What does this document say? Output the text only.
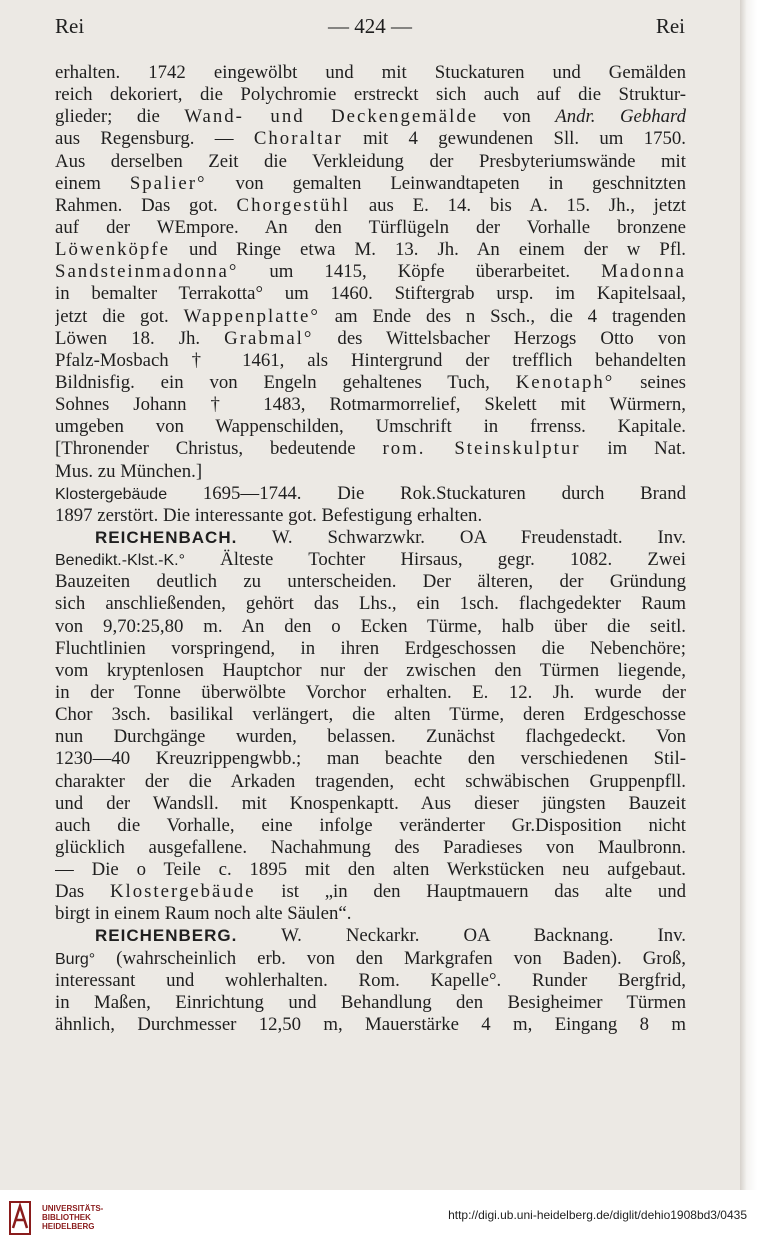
Rei	— 424 —	Rei
erhalten. 1742 eingewölbt und mit Stuckaturen und Gemälden
reich dekoriert, die Polychromie erstreckt sich auch auf die Struktur-
glieder; die Wand- und Deckengemälde von Andr. Gebhard
aus Regensburg. — Choraltar mit 4 gewundenen Sll. um 1750.
Aus derselben Zeit die Verkleidung der Presbyteriumswände mit
einem Spalier° von gemalten Leinwandtapeten in geschnitzten
Rahmen. Das got. Chorgestühl aus E. 14. bis A. 15. Jh., jetzt
auf der WEmpore. An den Türflügeln der Vorhalle bronzene
Löwenköpfe und Ringe etwa M. 13. Jh. An einem der w Pfl.
Sandsteinmadonna° um 1415, Köpfe überarbeitet. Madonna
in bemalter Terrakotta° um 1460. Stiftergrab ursp. im Kapitelsaal,
jetzt die got. Wappenplatte° am Ende des n Ssch., die 4 tragenden
Löwen 18. Jh. Grabmal° des Wittelsbacher Herzogs Otto von
Pfalz-Mosbach † 1461, als Hintergrund der trefflich behandelten
Bildnisfig. ein von Engeln gehaltenes Tuch, Kenotaph° seines
Sohnes Johann † 1483, Rotmarmorrelief, Skelett mit Würmern,
umgeben von Wappenschilden, Umschrift in frrenss. Kapitale.
[Thronender Christus, bedeutende rom. Steinskulptur im Nat.
Mus. zu München.]
Klostergebäude 1695—1744. Die Rok.Stuckaturen durch Brand
1897 zerstört. Die interessante got. Befestigung erhalten.
REICHENBACH. W. Schwarzwkr. OA Freudenstadt. Inv.
Benedikt.-Klst.-K.° Älteste Tochter Hirsaus, gegr. 1082. Zwei
Bauzeiten deutlich zu unterscheiden. Der älteren, der Gründung
sich anschließenden, gehört das Lhs., ein 1sch. flachgedekter Raum
von 9,70:25,80 m. An den o Ecken Türme, halb über die seitl.
Fluchtlinien vorspringend, in ihren Erdgeschossen die Nebenchöre;
vom kryptenlosen Hauptchor nur der zwischen den Türmen liegende,
in der Tonne überwölbte Vorchor erhalten. E. 12. Jh. wurde der
Chor 3sch. basilikal verlängert, die alten Türme, deren Erdgeschosse
nun Durchgänge wurden, belassen. Zunächst flachgedeckt. Von
1230—40 Kreuzrippengwbb.; man beachte den verschiedenen Stil-
charakter der die Arkaden tragenden, echt schwäbischen Gruppenpfll.
und der Wandsll. mit Knospenkaptt. Aus dieser jüngsten Bauzeit
auch die Vorhalle, eine infolge veränderter Gr.Disposition nicht
glücklich ausgefallene. Nachahmung des Paradieses von Maulbronn.
— Die o Teile c. 1895 mit den alten Werkstücken neu aufgebaut.
Das Klostergebäude ist „in den Hauptmauern das alte und
birgt in einem Raum noch alte Säulen“.
REICHENBERG. W. Neckarkr. OA Backnang. Inv.
Burg° (wahrscheinlich erb. von den Markgrafen von Baden). Groß,
interessant und wohlerhalten. Rom. Kapelle°. Runder Bergfrid,
in Maßen, Einrichtung und Behandlung den Besigheimer Türmen
ähnlich, Durchmesser 12,50 m, Mauerstärke 4 m, Eingang 8 m
UNIVERSITÄTS-
BIBLIOTHEK
HEIDELBERG
http://digi.ub.uni-heidelberg.de/diglit/dehio1908bd3/0435
